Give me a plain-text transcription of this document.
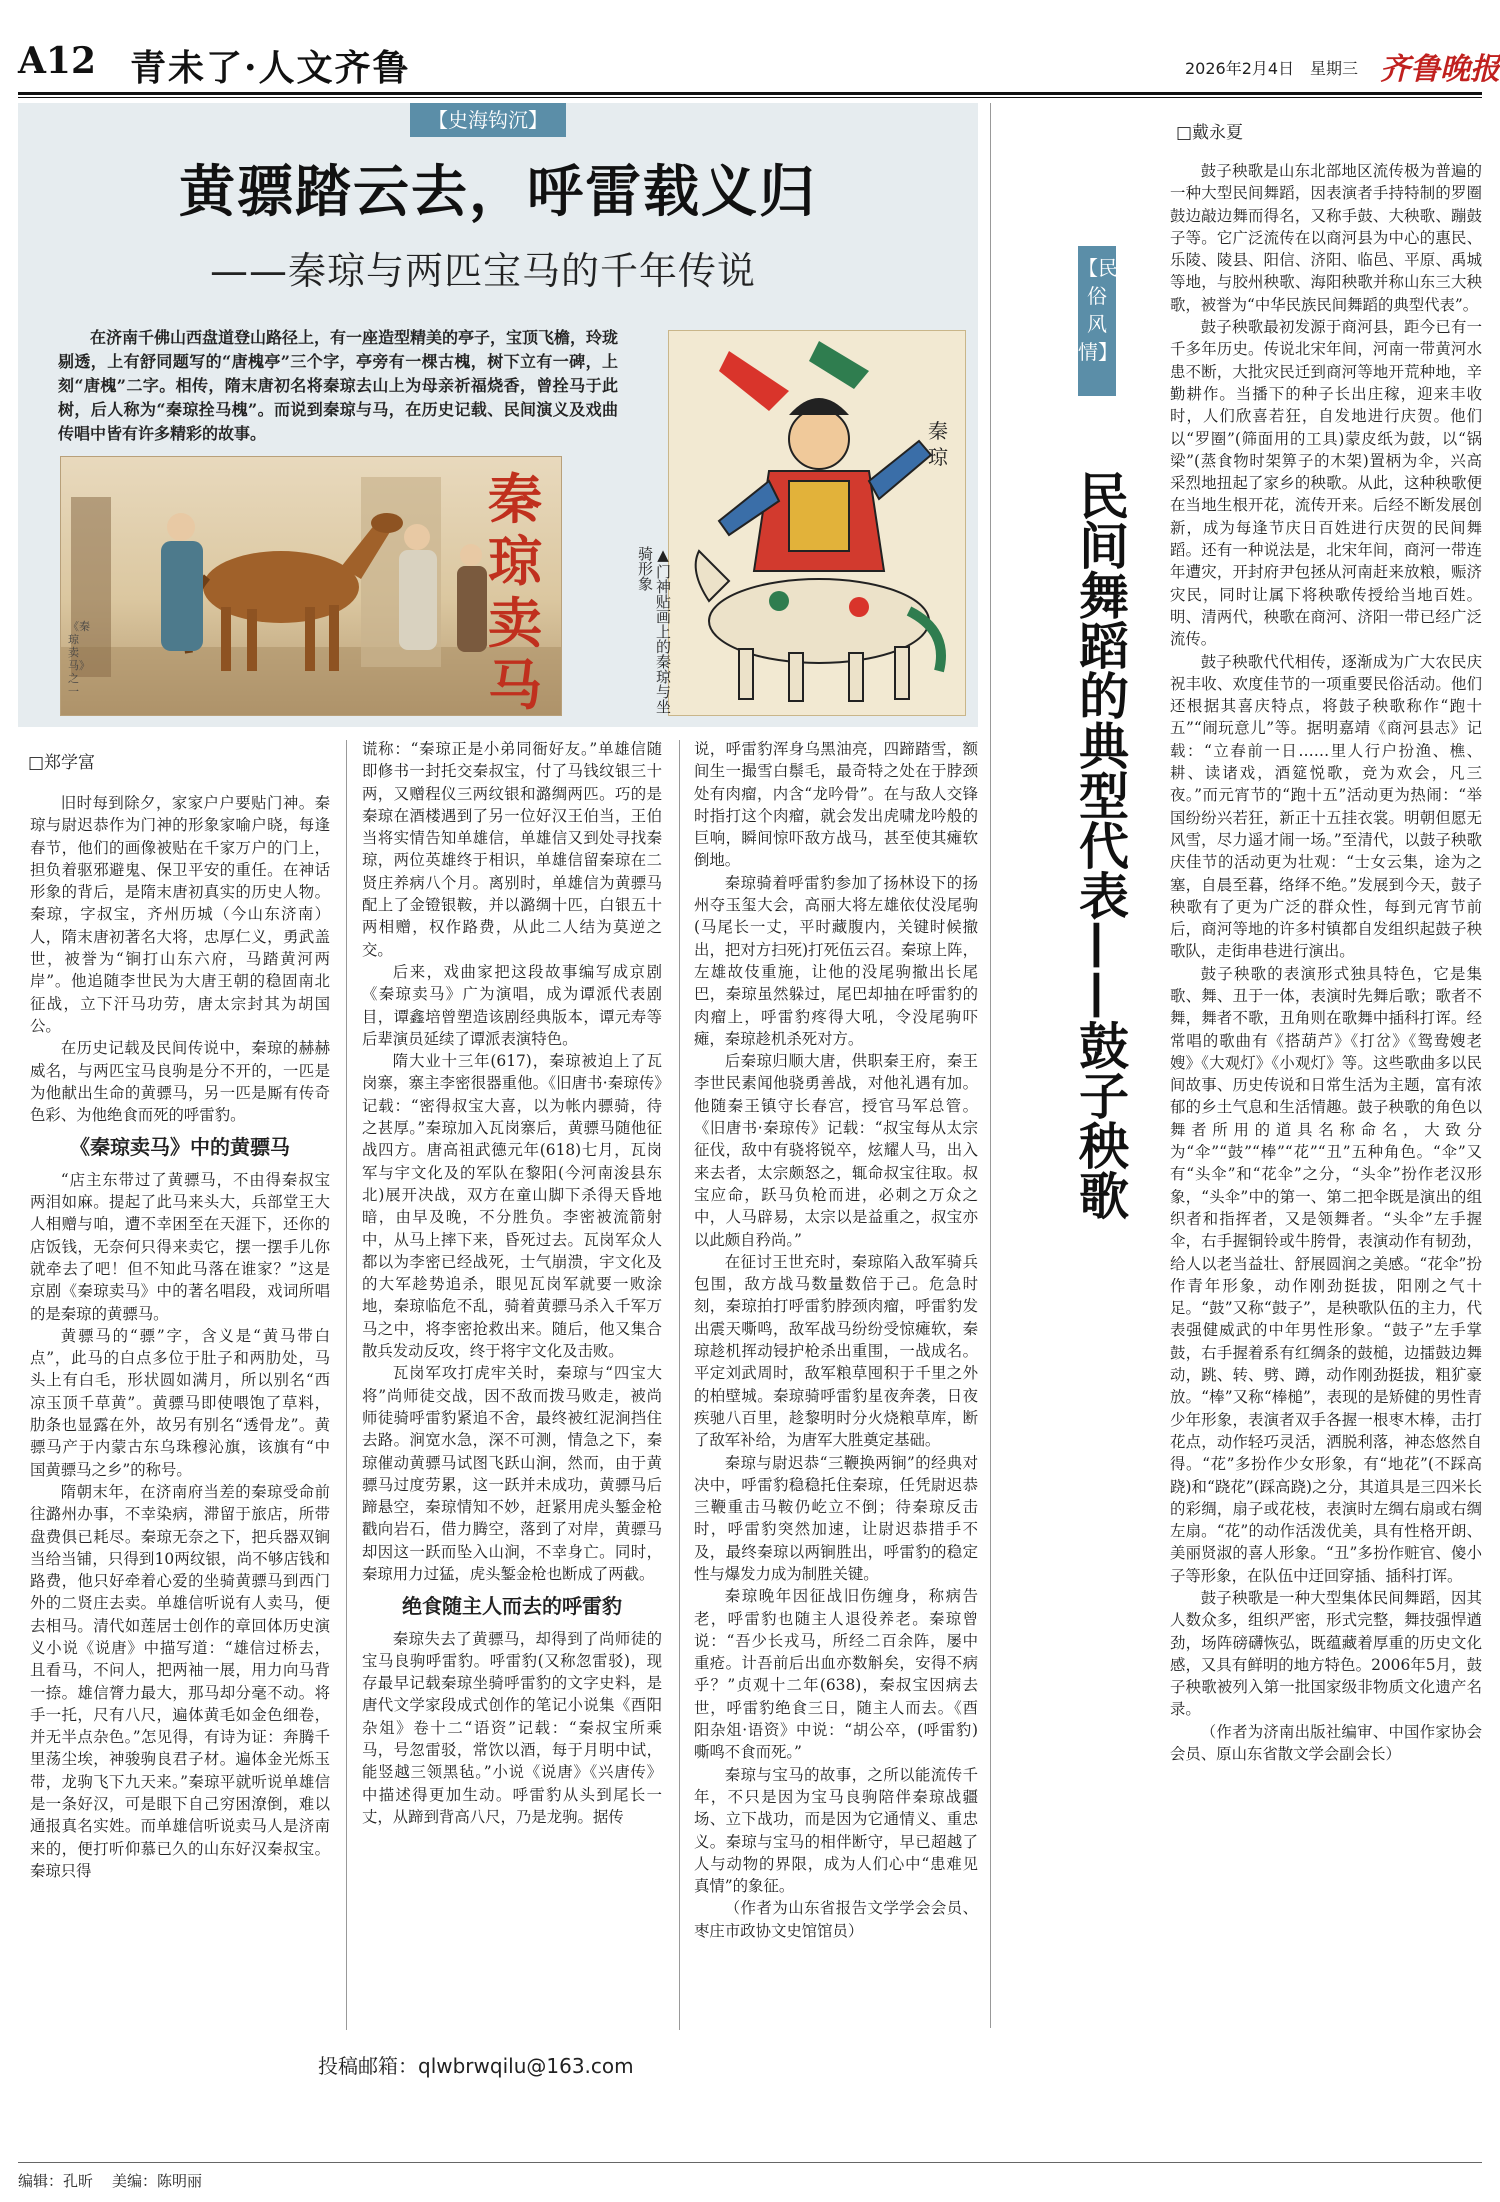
A12 青未了·人文齐鲁	2026年2月4日 星期三 齐鲁晚报
【史海钩沉】
黄骠踏云去，呼雷载义归
——秦琼与两匹宝马的千年传说
在济南千佛山西盘道登山路径上，有一座造型精美的亭子，宝顶飞檐，玲珑剔透，上有舒同题写的“唐槐亭”三个字，亭旁有一棵古槐，树下立有一碑，上刻“唐槐”二字。相传，隋末唐初名将秦琼去山上为母亲祈福烧香，曾拴马于此树，后人称为“秦琼拴马槐”。而说到秦琼与马，在历史记载、民间演义及戏曲传唱中皆有许多精彩的故事。
秦琼卖马
《秦琼卖马》之一
秦琼
▲门神贴画上的秦琼与坐骑形象
□郑学富

旧时每到除夕，家家户户要贴门神。秦琼与尉迟恭作为门神的形象家喻户晓，每逢春节，他们的画像被贴在千家万户的门上，担负着驱邪避鬼、保卫平安的重任。在神话形象的背后，是隋末唐初真实的历史人物。秦琼，字叔宝，齐州历城（今山东济南）人，隋末唐初著名大将，忠厚仁义，勇武盖世，被誉为“锏打山东六府，马踏黄河两岸”。他追随李世民为大唐王朝的稳固南北征战，立下汗马功劳，唐太宗封其为胡国公。

在历史记载及民间传说中，秦琼的赫赫威名，与两匹宝马良驹是分不开的，一匹是为他献出生命的黄骠马，另一匹是厮有传奇色彩、为他绝食而死的呼雷豹。

《秦琼卖马》中的黄骠马

“店主东带过了黄骠马，不由得秦叔宝两泪如麻。提起了此马来头大，兵部堂王大人相赠与咱，遭不幸困至在天涯下，还你的店饭钱，无奈何只得来卖它，摆一摆手儿你就牵去了吧！但不知此马落在谁家？”这是京剧《秦琼卖马》中的著名唱段，戏词所唱的是秦琼的黄骠马。

黄骠马的“骠”字，含义是“黄马带白点”，此马的白点多位于肚子和两肋处，马头上有白毛，形状圆如满月，所以别名“西凉玉顶千草黄”。黄骠马即使喂饱了草料，肋条也显露在外，故另有别名“透骨龙”。黄骠马产于内蒙古东乌珠穆沁旗，该旗有“中国黄骠马之乡”的称号。

隋朝末年，在济南府当差的秦琼受命前往潞州办事，不幸染病，滞留于旅店，所带盘费俱已耗尽。秦琼无奈之下，把兵器双锏当给当铺，只得到10两纹银，尚不够店钱和路费，他只好牵着心爱的坐骑黄骠马到西门外的二贤庄去卖。单雄信听说有人卖马，便去相马。清代如莲居士创作的章回体历史演义小说《说唐》中描写道：“雄信过桥去，且看马，不问人，把两袖一展，用力向马背一捺。雄信膂力最大，那马却分毫不动。将手一托，尺有八尺，遍体黄毛如金色细卷，并无半点杂色。”怎见得，有诗为证：奔腾千里荡尘埃，神骏驹良君子材。遍体金光烁玉带，龙驹飞下九天来。”秦琼平就听说单雄信是一条好汉，可是眼下自己穷困潦倒，难以通报真名实姓。而单雄信听说卖马人是济南来的，便打听仰慕已久的山东好汉秦叔宝。秦琼只得

谎称：“秦琼正是小弟同衙好友。”单雄信随即修书一封托交秦叔宝，付了马钱纹银三十两，又赠程仪三两纹银和潞绸两匹。巧的是秦琼在酒楼遇到了另一位好汉王伯当，王伯当将实情告知单雄信，单雄信又到处寻找秦琼，两位英雄终于相识，单雄信留秦琼在二贤庄养病八个月。离别时，单雄信为黄骠马配上了金镫银鞍，并以潞绸十匹，白银五十两相赠，权作路费，从此二人结为莫逆之交。

后来，戏曲家把这段故事编写成京剧《秦琼卖马》广为演唱，成为谭派代表剧目，谭鑫培曾塑造该剧经典版本，谭元寿等后辈演员延续了谭派表演特色。

隋大业十三年(617)，秦琼被迫上了瓦岗寨，寨主李密很器重他。《旧唐书·秦琼传》记载：“密得叔宝大喜，以为帐内骠骑，待之甚厚。”秦琼加入瓦岗寨后，黄骠马随他征战四方。唐高祖武德元年(618)七月，瓦岗军与宇文化及的军队在黎阳(今河南浚县东北)展开决战，双方在童山脚下杀得天昏地暗，由早及晚，不分胜负。李密被流箭射中，从马上摔下来，昏死过去。瓦岗军众人都以为李密已经战死，士气崩溃，宇文化及的大军趁势追杀，眼见瓦岗军就要一败涂地，秦琼临危不乱，骑着黄骠马杀入千军万马之中，将李密抢救出来。随后，他又集合散兵发动反攻，终于将宇文化及击败。

瓦岗军攻打虎牢关时，秦琼与“四宝大将”尚师徒交战，因不敌而拨马败走，被尚师徒骑呼雷豹紧追不舍，最终被红泥涧挡住去路。涧宽水急，深不可测，情急之下，秦琼催动黄骠马试图飞跃山涧，然而，由于黄骠马过度劳累，这一跃并未成功，黄骠马后蹄悬空，秦琼情知不妙，赶紧用虎头錾金枪戳向岩石，借力腾空，落到了对岸，黄骠马却因这一跃而坠入山涧，不幸身亡。同时，秦琼用力过猛，虎头錾金枪也断成了两截。

绝食随主人而去的呼雷豹

秦琼失去了黄骠马，却得到了尚师徒的宝马良驹呼雷豹。呼雷豹(又称忽雷驳)，现存最早记载秦琼坐骑呼雷豹的文字史料，是唐代文学家段成式创作的笔记小说集《酉阳杂俎》卷十二“语资”记载：“秦叔宝所乘马，号忽雷驳，常饮以酒，每于月明中试，能竖越三领黑毡。”小说《说唐》《兴唐传》中描述得更加生动。呼雷豹从头到尾长一丈，从蹄到背高八尺，乃是龙驹。据传

说，呼雷豹浑身乌黑油亮，四蹄踏雪，额间生一撮雪白鬃毛，最奇特之处在于脖颈处有肉瘤，内含“龙吟骨”。在与敌人交锋时指打这个肉瘤，就会发出虎啸龙吟般的巨响，瞬间惊吓敌方战马，甚至使其瘫软倒地。

秦琼骑着呼雷豹参加了扬林设下的扬州夺玉玺大会，高丽大将左雄依仗没尾驹(马尾长一丈，平时藏腹内，关键时候撤出，把对方扫死)打死伍云召。秦琼上阵，左雄故伎重施，让他的没尾驹撤出长尾巴，秦琼虽然躲过，尾巴却抽在呼雷豹的肉瘤上，呼雷豹疼得大吼，令没尾驹吓瘫，秦琼趁机杀死对方。

后秦琼归顺大唐，供职秦王府，秦王李世民素闻他骁勇善战，对他礼遇有加。他随秦王镇守长春宫，授官马军总管。《旧唐书·秦琼传》记载：“叔宝每从太宗征伐，敌中有骁将锐卒，炫耀人马，出入来去者，太宗颇怒之，辄命叔宝往取。叔宝应命，跃马负枪而进，必刺之万众之中，人马辟易，太宗以是益重之，叔宝亦以此颇自矜尚。”

在征讨王世充时，秦琼陷入敌军骑兵包围，敌方战马数量数倍于己。危急时刻，秦琼拍打呼雷豹脖颈肉瘤，呼雷豹发出震天嘶鸣，敌军战马纷纷受惊瘫软，秦琼趁机挥动锓护枪杀出重围，一战成名。平定刘武周时，敌军粮草囤积于千里之外的柏壁城。秦琼骑呼雷豹星夜奔袭，日夜疾驰八百里，趁黎明时分火烧粮草库，断了敌军补给，为唐军大胜奠定基础。

秦琼与尉迟恭“三鞭换两锏”的经典对决中，呼雷豹稳稳托住秦琼，任凭尉迟恭三鞭重击马鞍仍屹立不倒；待秦琼反击时，呼雷豹突然加速，让尉迟恭措手不及，最终秦琼以两锏胜出，呼雷豹的稳定性与爆发力成为制胜关键。

秦琼晚年因征战旧伤缠身，称病告老，呼雷豹也随主人退役养老。秦琼曾说：“吾少长戎马，所经二百余阵，屡中重疮。计吾前后出血亦数斛矣，安得不病乎？”贞观十二年(638)，秦叔宝因病去世，呼雷豹绝食三日，随主人而去。《酉阳杂俎·语资》中说：“胡公卒，(呼雷豹)嘶鸣不食而死。”

秦琼与宝马的故事，之所以能流传千年，不只是因为宝马良驹陪伴秦琼战疆场、立下战功，而是因为它通情义、重忠义。秦琼与宝马的相伴断守，早已超越了人与动物的界限，成为人们心中“患难见真情”的象征。

（作者为山东省报告文学学会会员、枣庄市政协文史馆馆员）

投稿邮箱：qlwbrwqilu@163.com
□戴永夏
【民俗风情】
民间舞蹈的典型代表——鼓子秧歌

鼓子秧歌是山东北部地区流传极为普遍的一种大型民间舞蹈，因表演者手持特制的罗圈鼓边敲边舞而得名，又称手鼓、大秧歌、蹦鼓子等。它广泛流传在以商河县为中心的惠民、乐陵、陵县、阳信、济阳、临邑、平原、禹城等地，与胶州秧歌、海阳秧歌并称山东三大秧歌，被誉为“中华民族民间舞蹈的典型代表”。

鼓子秧歌最初发源于商河县，距今已有一千多年历史。传说北宋年间，河南一带黄河水患不断，大批灾民迁到商河等地开荒种地，辛勤耕作。当播下的种子长出庄稼，迎来丰收时，人们欣喜若狂，自发地进行庆贺。他们以“罗圈”(筛面用的工具)蒙皮纸为鼓，以“锅梁”(蒸食物时架箅子的木架)置柄为伞，兴高采烈地扭起了家乡的秧歌。从此，这种秧歌便在当地生根开花，流传开来。后经不断发展创新，成为每逢节庆日百姓进行庆贺的民间舞蹈。还有一种说法是，北宋年间，商河一带连年遭灾，开封府尹包拯从河南赶来放粮，赈济灾民，同时让属下将秧歌传授给当地百姓。明、清两代，秧歌在商河、济阳一带已经广泛流传。

鼓子秧歌代代相传，逐渐成为广大农民庆祝丰收、欢度佳节的一项重要民俗活动。他们还根据其喜庆特点，将鼓子秧歌称作“跑十五”“闹玩意儿”等。据明嘉靖《商河县志》记载：“立春前一日……里人行户扮渔、樵、耕、读诸戏，酒筵悦歌，竞为欢会，凡三夜。”而元宵节的“跑十五”活动更为热闹：“举国纷纷兴若狂，新正十五挂衣裳。明朝但愿无风雪，尽力遥才闹一场。”至清代，以鼓子秧歌庆佳节的活动更为壮观：“士女云集，途为之塞，自晨至暮，络绎不绝。”发展到今天，鼓子秧歌有了更为广泛的群众性，每到元宵节前后，商河等地的许多村镇都自发组织起鼓子秧歌队，走街串巷进行演出。

鼓子秧歌的表演形式独具特色，它是集歌、舞、丑于一体，表演时先舞后歌；歌者不舞，舞者不歌，丑角则在歌舞中插科打诨。经常唱的歌曲有《搭葫芦》《打岔》《鸳鸯嫂老嫂》《大观灯》《小观灯》等。这些歌曲多以民间故事、历史传说和日常生活为主题，富有浓郁的乡土气息和生活情趣。鼓子秧歌的角色以舞者所用的道具名称命名，大致分为“伞”“鼓”“棒”“花”“丑”五种角色。“伞”又有“头伞”和“花伞”之分，“头伞”扮作老汉形象，“头伞”中的第一、第二把伞既是演出的组织者和指挥者，又是领舞者。“头伞”左手握伞，右手握铜铃或牛胯骨，表演动作有韧劲，给人以老当益壮、舒展圆润之美感。“花伞”扮作青年形象，动作刚劲挺拔，阳刚之气十足。“鼓”又称“鼓子”，是秧歌队伍的主力，代表强健威武的中年男性形象。“鼓子”左手掌鼓，右手握着系有红绸条的鼓槌，边擂鼓边舞动，跳、转、劈、蹲，动作刚劲挺拔，粗犷豪放。“棒”又称“棒槌”，表现的是矫健的男性青少年形象，表演者双手各握一根枣木棒，击打花点，动作轻巧灵活，洒脱利落，神态悠然自得。“花”多扮作少女形象，有“地花”(不踩高跷)和“跷花”(踩高跷)之分，其道具是三四米长的彩绸，扇子或花枝，表演时左绸右扇或右绸左扇。“花”的动作活泼优美，具有性格开朗、美丽贤淑的喜人形象。“丑”多扮作赃官、傻小子等形象，在队伍中迂回穿插、插科打诨。

鼓子秧歌是一种大型集体民间舞蹈，因其人数众多，组织严密，形式完整，舞技强悍遒劲，场阵磅礴恢弘，既蕴藏着厚重的历史文化感，又具有鲜明的地方特色。2006年5月，鼓子秧歌被列入第一批国家级非物质文化遗产名录。

（作者为济南出版社编审、中国作家协会会员、原山东省散文学会副会长）

编辑：孔昕 美编：陈明丽
